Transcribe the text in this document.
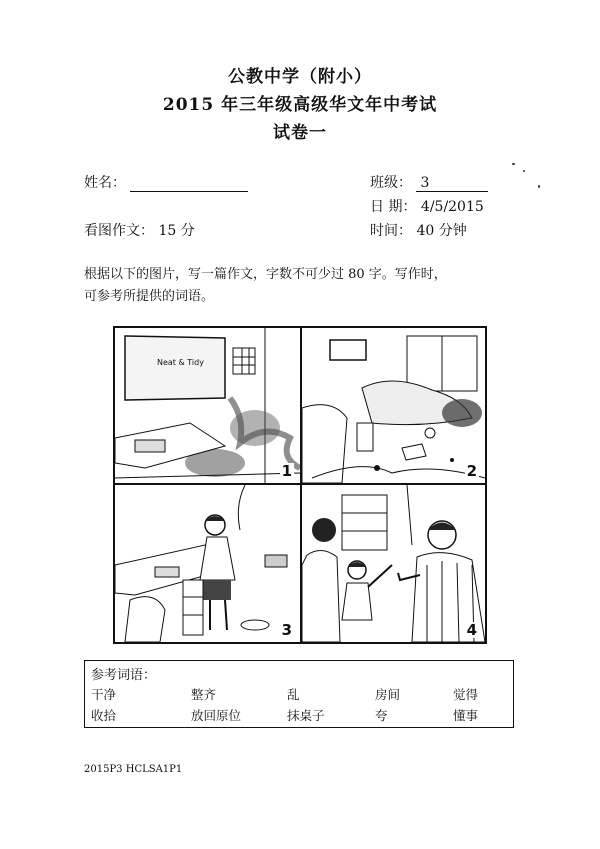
公教中学（附小）
2015 年三年级高级华文年中考试
试卷一
姓名：	班级： 3
日 期： 4/5/2015
看图作文： 15 分	时间： 40 分钟
根据以下的图片，写一篇作文，字数不可少过 80 字。写作时，
可参考所提供的词语。
Neat & Tidy
1	2
3	4
参考词语：
干净	整齐	乱	房间	觉得
收拾	放回原位	抹桌子	夸	懂事
2015P3 HCLSA1P1
